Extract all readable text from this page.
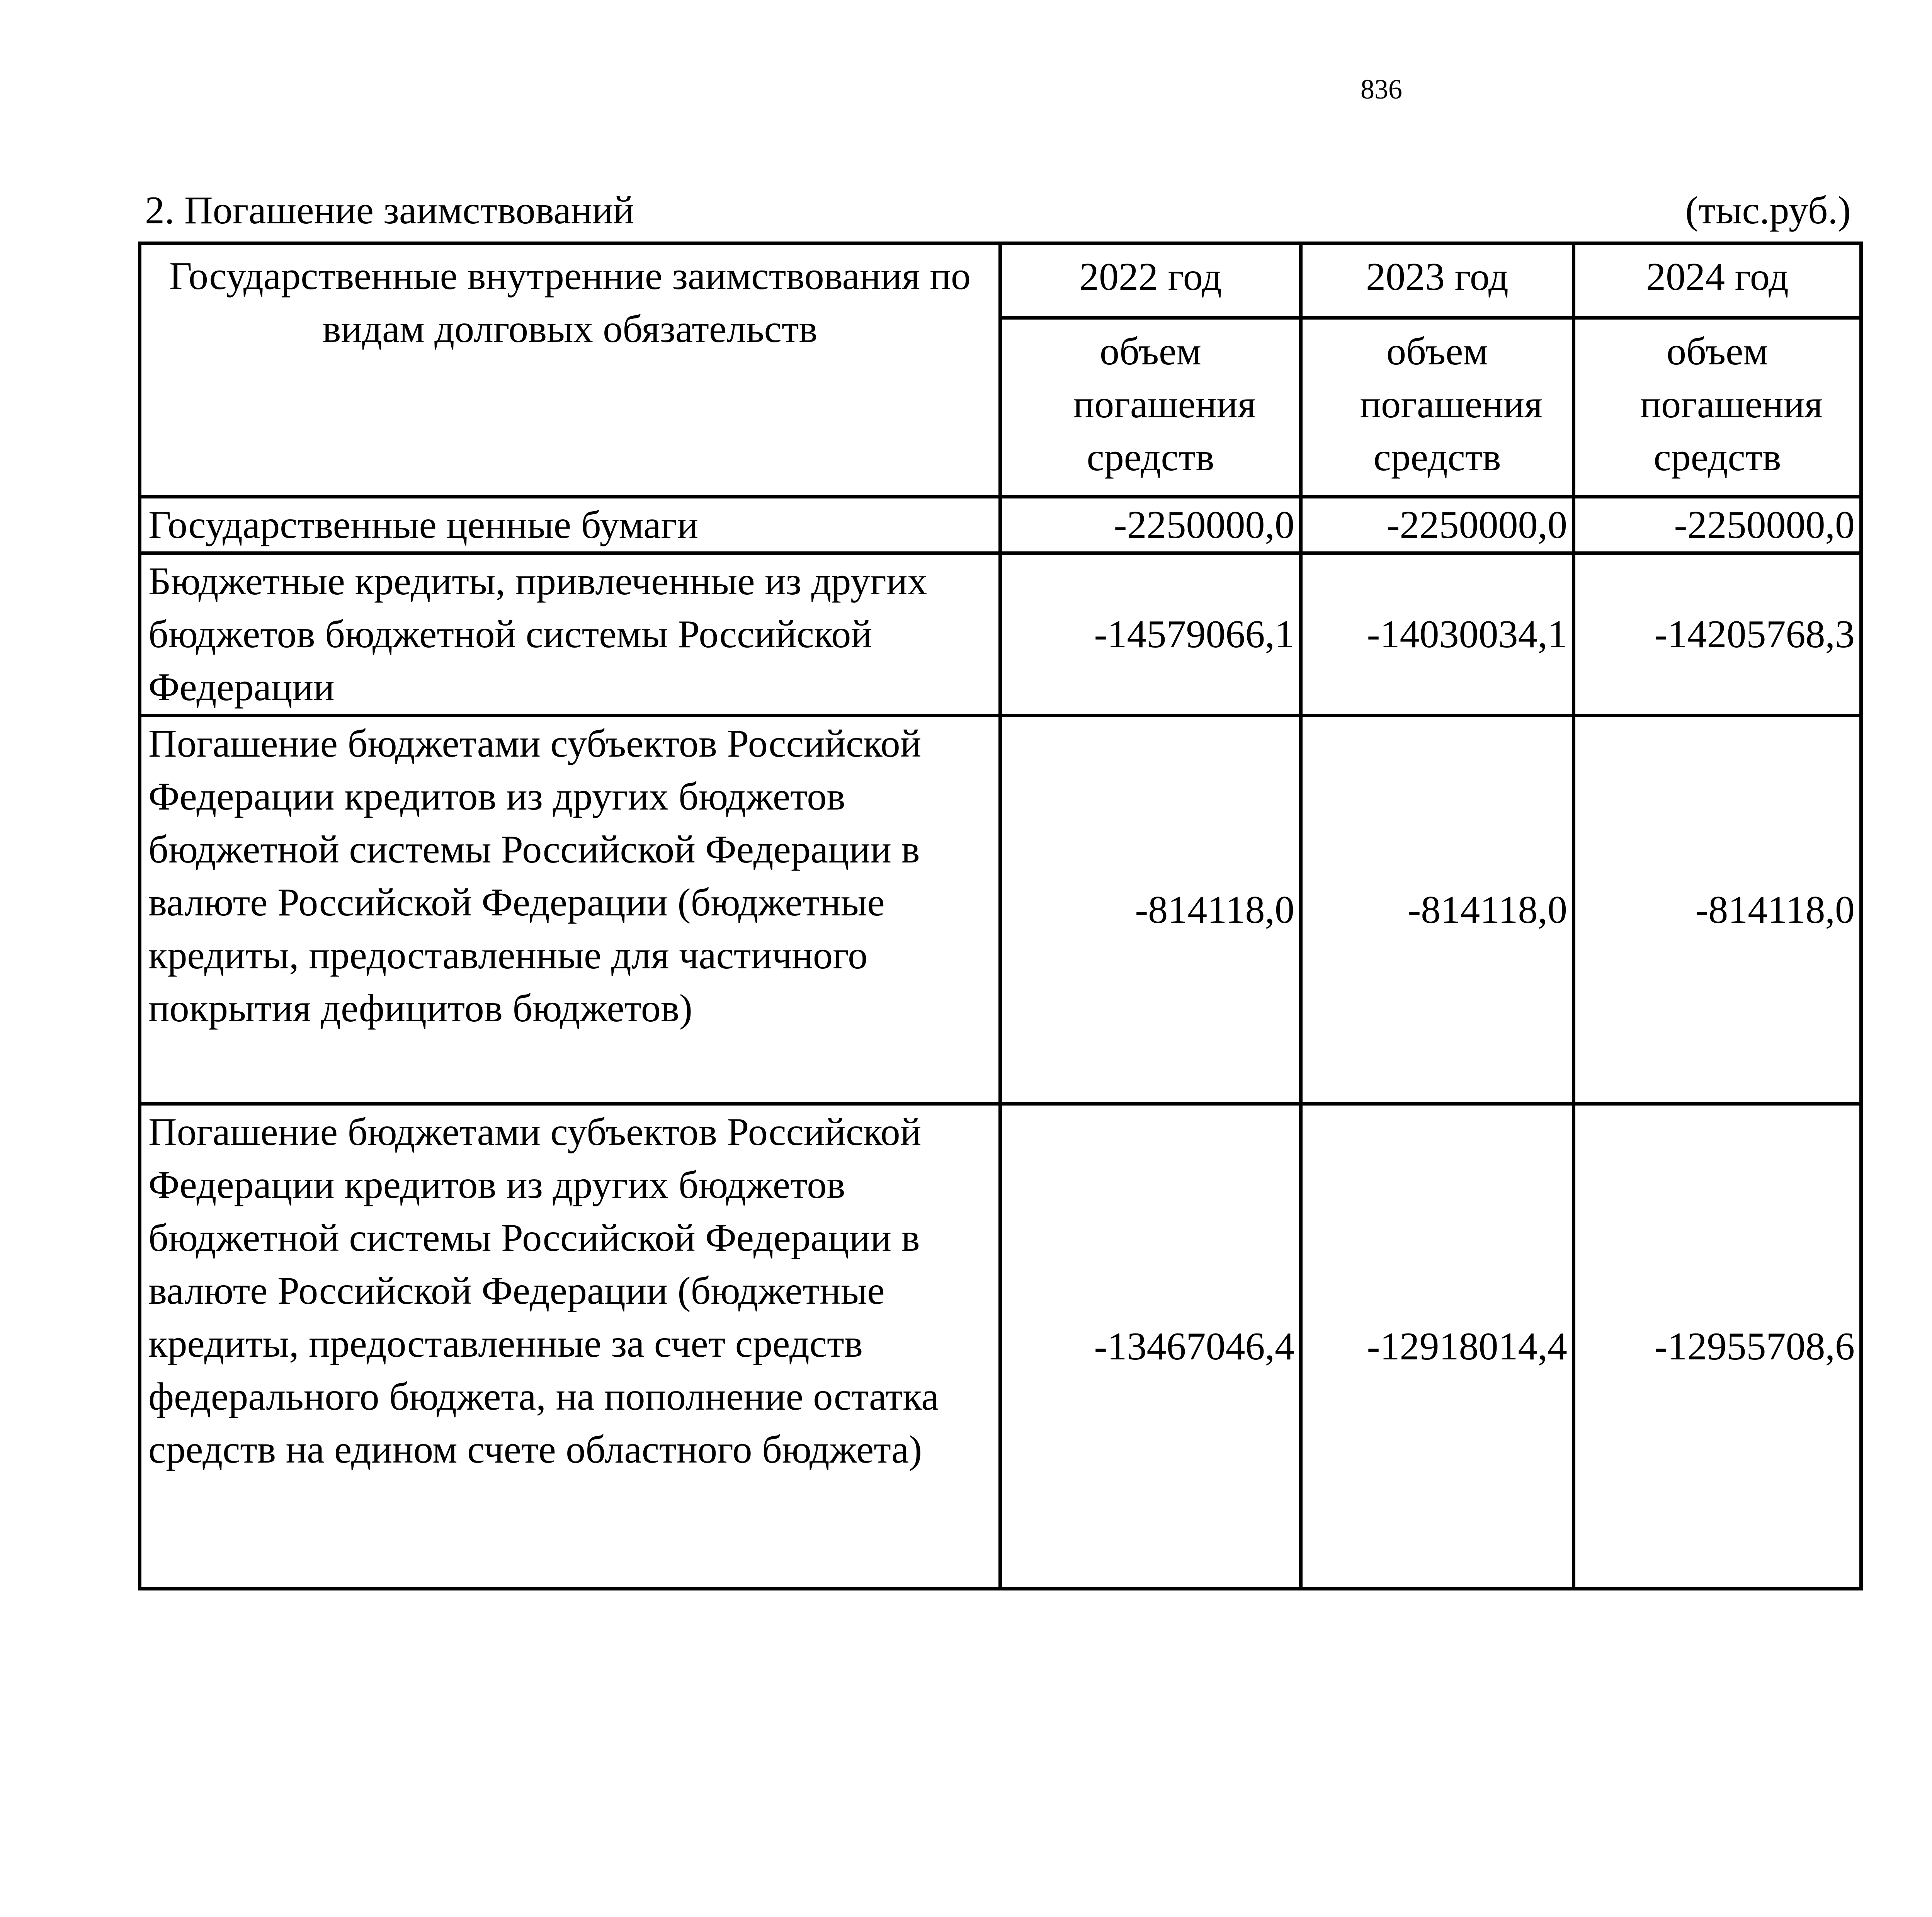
836
2. Погашение заимствований	(тыс.руб.)
Государственные внутренние заимствования по видам долговых обязательств	2022 год	2023 год	2024 год

	объем погашения средств	объем погашения средств	объем погашения средств

Государственные ценные бумаги	-2250000,0	-2250000,0	-2250000,0
Бюджетные кредиты, привлеченные из других бюджетов бюджетной системы Российской Федерации	-14579066,1	-14030034,1	-14205768,3
Погашение бюджетами субъектов Российской Федерации кредитов из других бюджетов бюджетной системы Российской Федерации в валюте Российской Федерации (бюджетные кредиты, предоставленные для частичного покрытия дефицитов бюджетов)	-814118,0	-814118,0	-814118,0
Погашение бюджетами субъектов Российской Федерации кредитов из других бюджетов бюджетной системы Российской Федерации в валюте Российской Федерации (бюджетные кредиты, предоставленные за счет средств федерального бюджета, на пополнение остатка средств на едином счете областного бюджета)	-13467046,4	-12918014,4	-12955708,6
